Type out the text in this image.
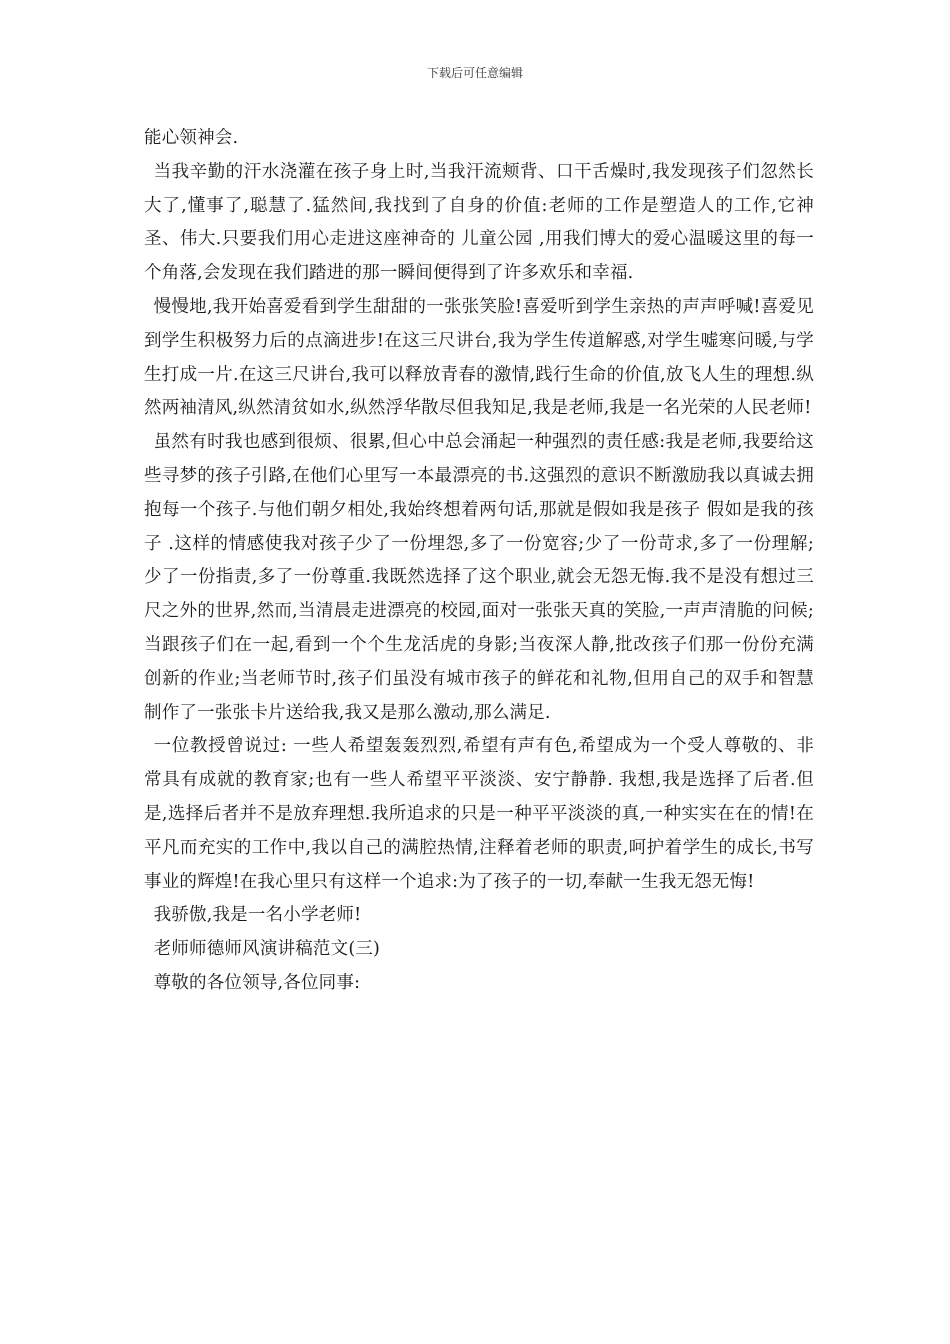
下载后可任意编辑

能心领神会.

当我辛勤的汗水浇灌在孩子身上时,当我汗流颊背、口干舌燥时,我发现孩子们忽然长大了,懂事了,聪慧了.猛然间,我找到了自身的价值:老师的工作是塑造人的工作,它神圣、伟大.只要我们用心走进这座神奇的 儿童公园 ,用我们博大的爱心温暖这里的每一个角落,会发现在我们踏进的那一瞬间便得到了许多欢乐和幸福.

慢慢地,我开始喜爱看到学生甜甜的一张张笑脸!喜爱听到学生亲热的声声呼喊!喜爱见到学生积极努力后的点滴进步!在这三尺讲台,我为学生传道解惑,对学生嘘寒问暖,与学生打成一片.在这三尺讲台,我可以释放青春的激情,践行生命的价值,放飞人生的理想.纵然两袖清风,纵然清贫如水,纵然浮华散尽但我知足,我是老师,我是一名光荣的人民老师!

虽然有时我也感到很烦、很累,但心中总会涌起一种强烈的责任感:我是老师,我要给这些寻梦的孩子引路,在他们心里写一本最漂亮的书.这强烈的意识不断激励我以真诚去拥抱每一个孩子.与他们朝夕相处,我始终想着两句话,那就是假如我是孩子 假如是我的孩子 .这样的情感使我对孩子少了一份埋怨,多了一份宽容;少了一份苛求,多了一份理解;少了一份指责,多了一份尊重.我既然选择了这个职业,就会无怨无悔.我不是没有想过三尺之外的世界,然而,当清晨走进漂亮的校园,面对一张张天真的笑脸,一声声清脆的问候;当跟孩子们在一起,看到一个个生龙活虎的身影;当夜深人静,批改孩子们那一份份充满创新的作业;当老师节时,孩子们虽没有城市孩子的鲜花和礼物,但用自己的双手和智慧制作了一张张卡片送给我,我又是那么激动,那么满足.

一位教授曾说过: 一些人希望轰轰烈烈,希望有声有色,希望成为一个受人尊敬的、非常具有成就的教育家;也有一些人希望平平淡淡、安宁静静. 我想,我是选择了后者.但是,选择后者并不是放弃理想.我所追求的只是一种平平淡淡的真,一种实实在在的情!在平凡而充实的工作中,我以自己的满腔热情,注释着老师的职责,呵护着学生的成长,书写事业的辉煌!在我心里只有这样一个追求:为了孩子的一切,奉献一生我无怨无悔!

我骄傲,我是一名小学老师!

老师师德师风演讲稿范文(三)

尊敬的各位领导,各位同事:
